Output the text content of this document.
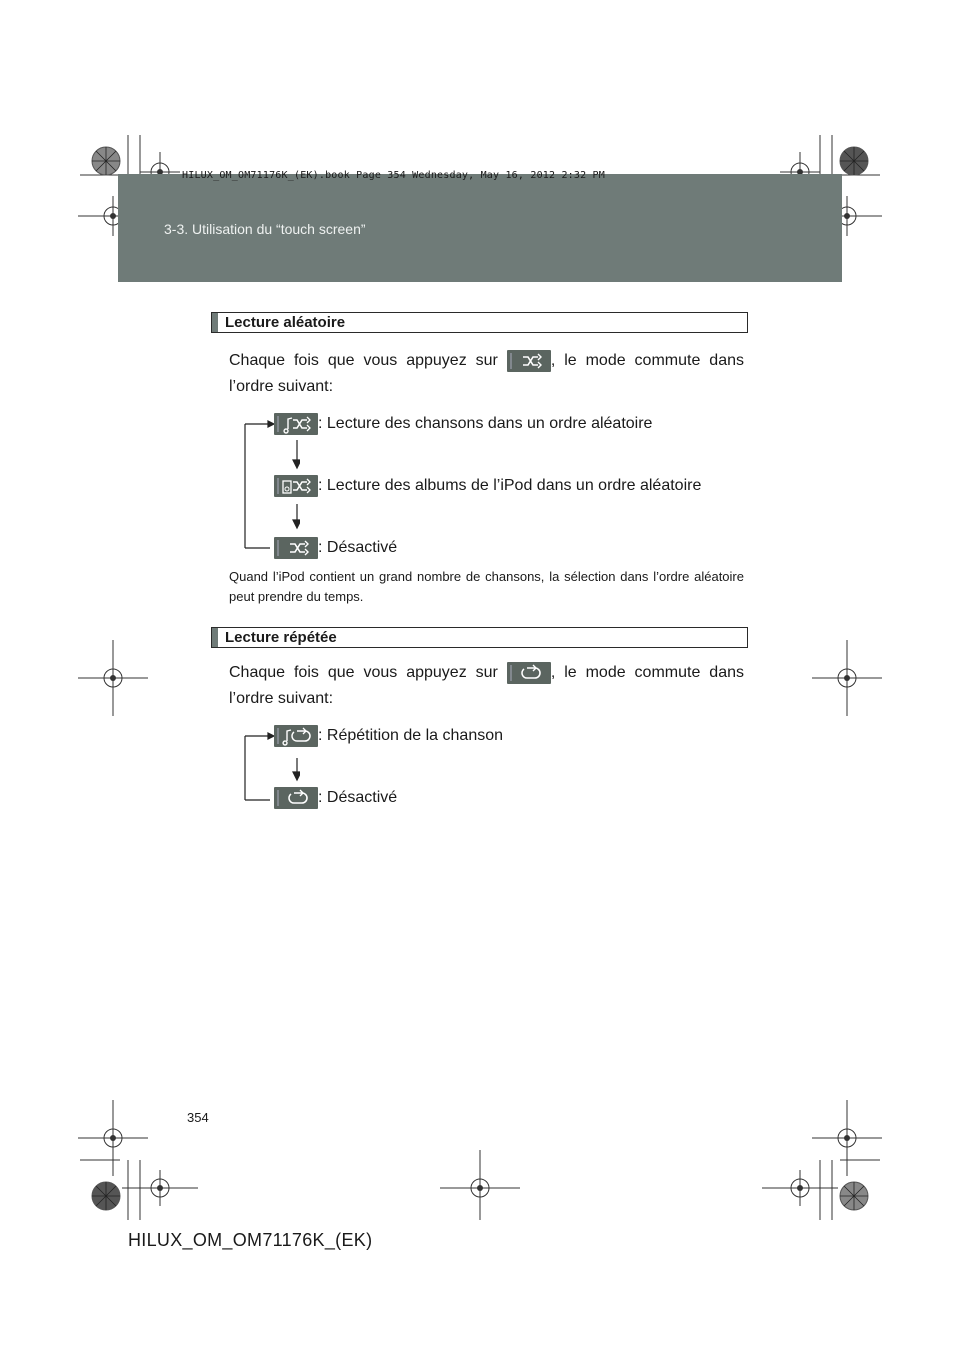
HILUX_OM_OM71176K_(EK).book Page 354 Wednesday, May 16, 2012 2:32 PM
3-3. Utilisation du “touch screen”
Lecture aléatoire
Chaque fois que vous appuyez sur	, le mode commute dans
l’ordre suivant:
: Lecture des chansons dans un ordre aléatoire
: Lecture des albums de l’iPod dans un ordre aléatoire
: Désactivé
Quand l’iPod contient un grand nombre de chansons, la sélection dans l’ordre aléatoire peut prendre du temps.
Lecture répétée
Chaque fois que vous appuyez sur	, le mode commute dans
l’ordre suivant:
: Répétition de la chanson
: Désactivé
354
HILUX_OM_OM71176K_(EK)
